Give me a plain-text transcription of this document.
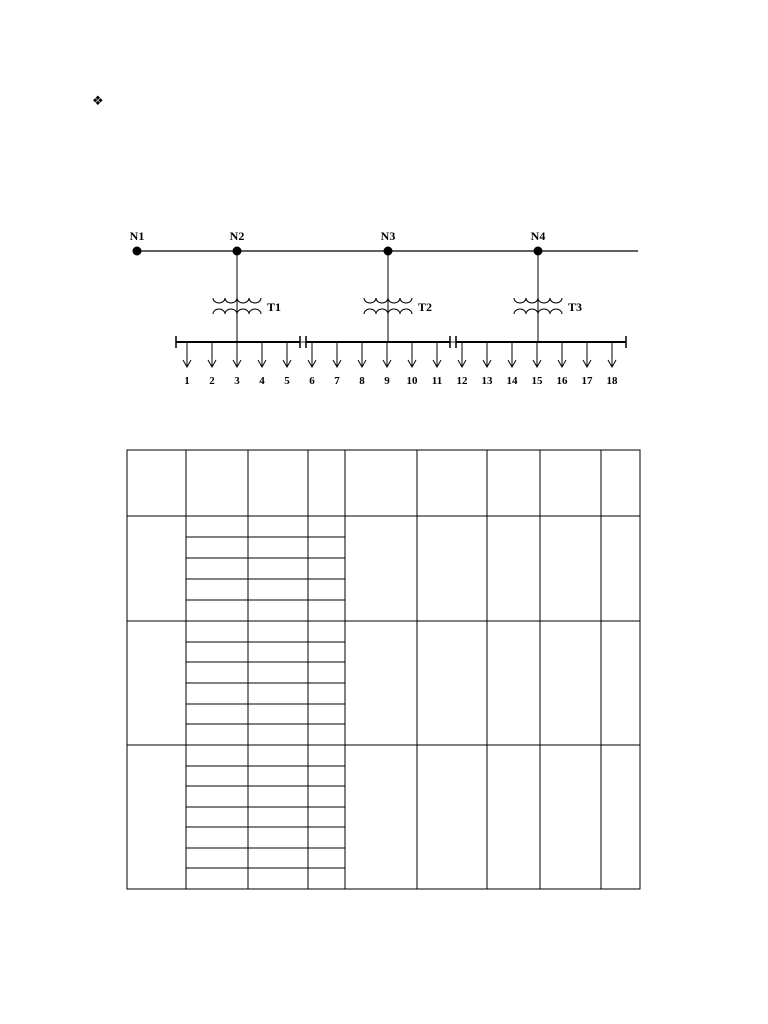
❖
N1	N2	N3	N4
T1	T2	T3
1 2 3 4 5 6 7 8 9 10 11 12 13 14 15 16 17 18
